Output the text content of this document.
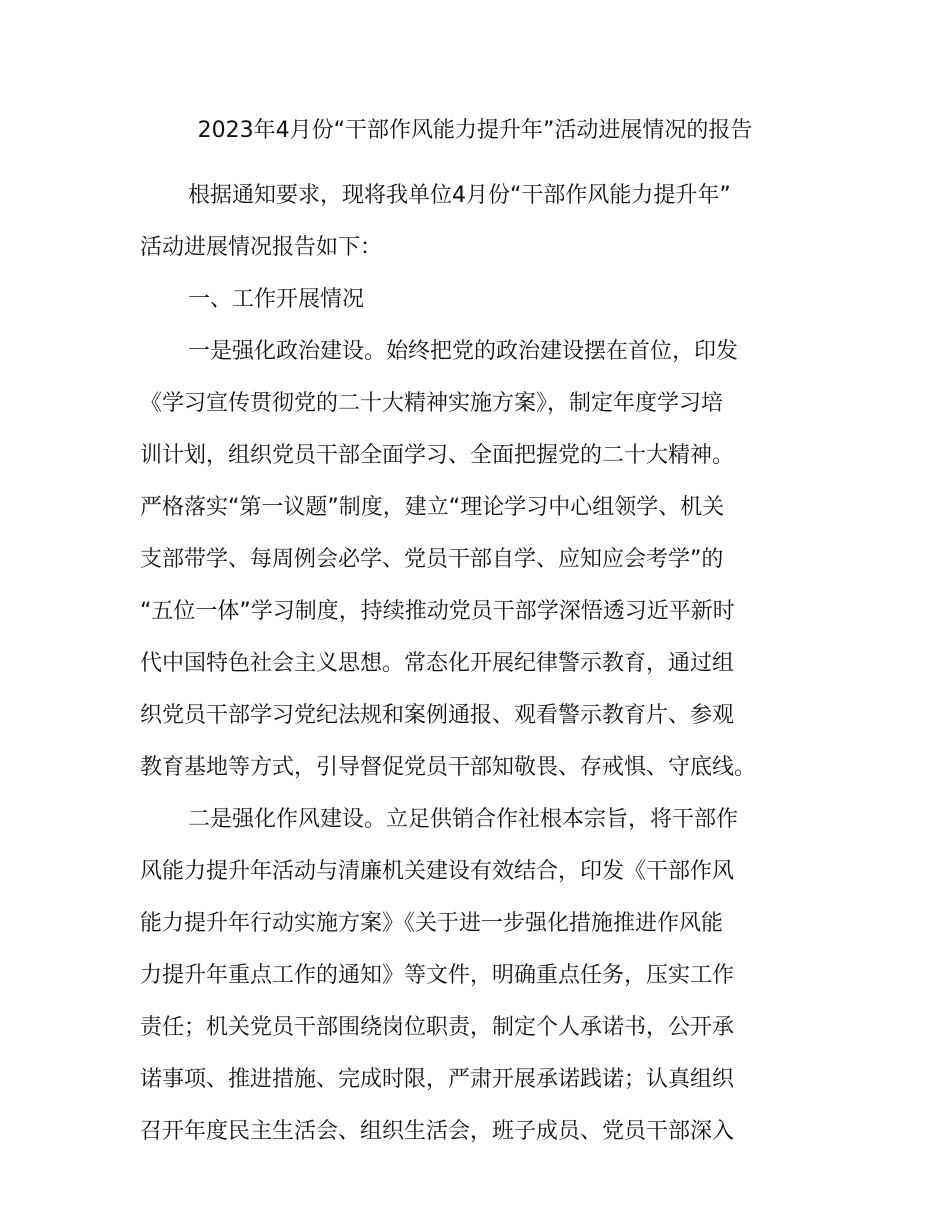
2023年4月份“干部作风能力提升年”活动进展情况的报告
根据通知要求，现将我单位4月份“干部作风能力提升年”
活动进展情况报告如下：
一、工作开展情况
一是强化政治建设。始终把党的政治建设摆在首位，印发
《学习宣传贯彻党的二十大精神实施方案》，制定年度学习培
训计划，组织党员干部全面学习、全面把握党的二十大精神。
严格落实“第一议题”制度，建立“理论学习中心组领学、机关
支部带学、每周例会必学、党员干部自学、应知应会考学”的
“五位一体”学习制度，持续推动党员干部学深悟透习近平新时
代中国特色社会主义思想。常态化开展纪律警示教育，通过组
织党员干部学习党纪法规和案例通报、观看警示教育片、参观
教育基地等方式，引导督促党员干部知敬畏、存戒惧、守底线。
二是强化作风建设。立足供销合作社根本宗旨，将干部作
风能力提升年活动与清廉机关建设有效结合，印发《干部作风
能力提升年行动实施方案》《关于进一步强化措施推进作风能
力提升年重点工作的通知》等文件，明确重点任务，压实工作
责任；机关党员干部围绕岗位职责，制定个人承诺书，公开承
诺事项、推进措施、完成时限，严肃开展承诺践诺；认真组织
召开年度民主生活会、组织生活会，班子成员、党员干部深入
